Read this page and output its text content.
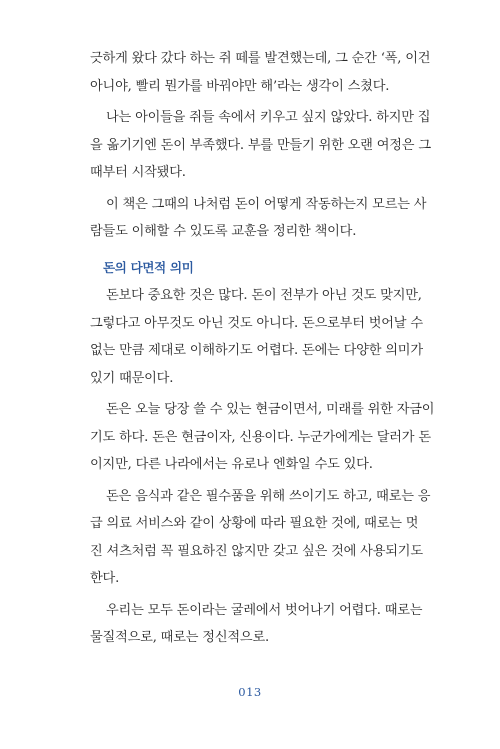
긋하게 왔다 갔다 하는 쥐 떼를 발견했는데, 그 순간 ‘폭, 이건
아니야, 빨리 뭔가를 바꿔야만 해’라는 생각이 스쳤다.

나는 아이들을 쥐들 속에서 키우고 싶지 않았다. 하지만 집
을 옮기기엔 돈이 부족했다. 부를 만들기 위한 오랜 여정은 그
때부터 시작됐다.

이 책은 그때의 나처럼 돈이 어떻게 작동하는지 모르는 사
람들도 이해할 수 있도록 교훈을 정리한 책이다.

돈의 다면적 의미

돈보다 중요한 것은 많다. 돈이 전부가 아닌 것도 맞지만,
그렇다고 아무것도 아닌 것도 아니다. 돈으로부터 벗어날 수
없는 만큼 제대로 이해하기도 어렵다. 돈에는 다양한 의미가
있기 때문이다.

돈은 오늘 당장 쓸 수 있는 현금이면서, 미래를 위한 자금이
기도 하다. 돈은 현금이자, 신용이다. 누군가에게는 달러가 돈
이지만, 다른 나라에서는 유로나 엔화일 수도 있다.

돈은 음식과 같은 필수품을 위해 쓰이기도 하고, 때로는 응
급 의료 서비스와 같이 상황에 따라 필요한 것에, 때로는 멋
진 셔츠처럼 꼭 필요하진 않지만 갖고 싶은 것에 사용되기도
한다.

우리는 모두 돈이라는 굴레에서 벗어나기 어렵다. 때로는
물질적으로, 때로는 정신적으로.

013
